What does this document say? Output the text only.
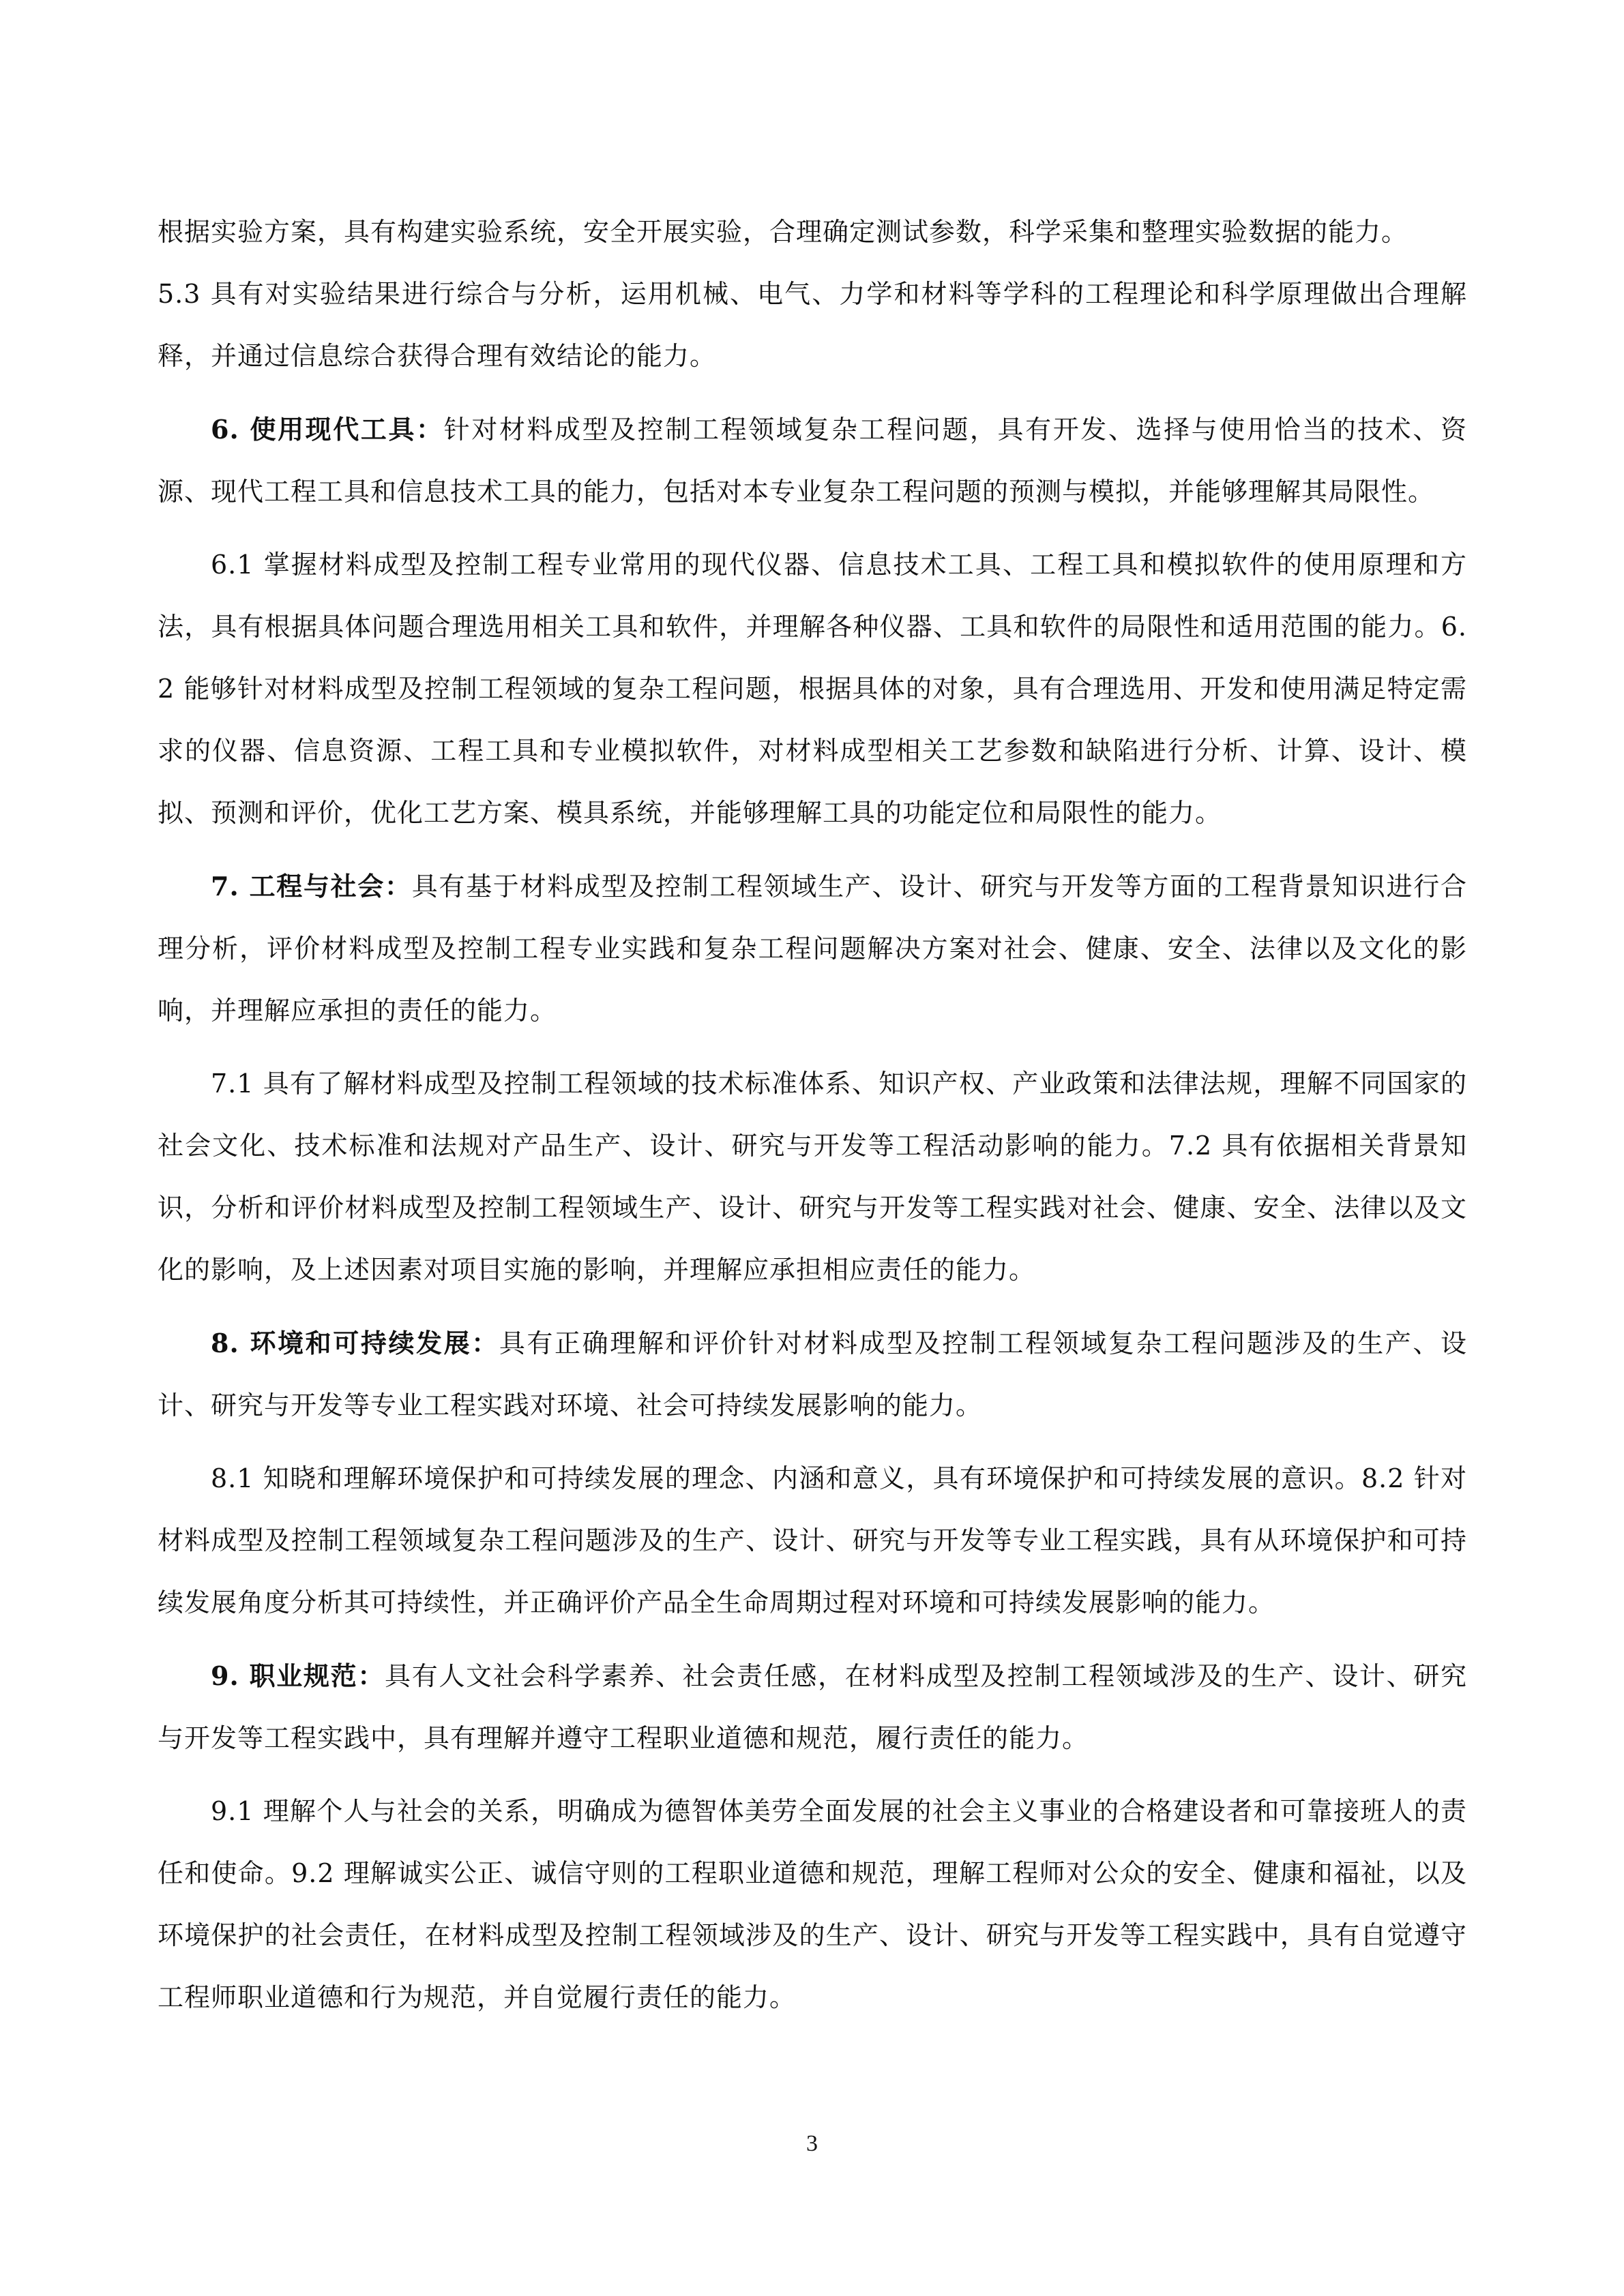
根据实验方案，具有构建实验系统，安全开展实验，合理确定测试参数，科学采集和整理实验数据的能力。

5.3 具有对实验结果进行综合与分析，运用机械、电气、力学和材料等学科的工程理论和科学原理做出合理解释，并通过信息综合获得合理有效结论的能力。

6. 使用现代工具：针对材料成型及控制工程领域复杂工程问题，具有开发、选择与使用恰当的技术、资源、现代工程工具和信息技术工具的能力，包括对本专业复杂工程问题的预测与模拟，并能够理解其局限性。

6.1 掌握材料成型及控制工程专业常用的现代仪器、信息技术工具、工程工具和模拟软件的使用原理和方法，具有根据具体问题合理选用相关工具和软件，并理解各种仪器、工具和软件的局限性和适用范围的能力。6.2 能够针对材料成型及控制工程领域的复杂工程问题，根据具体的对象，具有合理选用、开发和使用满足特定需求的仪器、信息资源、工程工具和专业模拟软件，对材料成型相关工艺参数和缺陷进行分析、计算、设计、模拟、预测和评价，优化工艺方案、模具系统，并能够理解工具的功能定位和局限性的能力。

7. 工程与社会：具有基于材料成型及控制工程领域生产、设计、研究与开发等方面的工程背景知识进行合理分析，评价材料成型及控制工程专业实践和复杂工程问题解决方案对社会、健康、安全、法律以及文化的影响，并理解应承担的责任的能力。

7.1 具有了解材料成型及控制工程领域的技术标准体系、知识产权、产业政策和法律法规，理解不同国家的社会文化、技术标准和法规对产品生产、设计、研究与开发等工程活动影响的能力。7.2 具有依据相关背景知识，分析和评价材料成型及控制工程领域生产、设计、研究与开发等工程实践对社会、健康、安全、法律以及文化的影响，及上述因素对项目实施的影响，并理解应承担相应责任的能力。

8. 环境和可持续发展：具有正确理解和评价针对材料成型及控制工程领域复杂工程问题涉及的生产、设计、研究与开发等专业工程实践对环境、社会可持续发展影响的能力。

8.1 知晓和理解环境保护和可持续发展的理念、内涵和意义，具有环境保护和可持续发展的意识。8.2 针对材料成型及控制工程领域复杂工程问题涉及的生产、设计、研究与开发等专业工程实践，具有从环境保护和可持续发展角度分析其可持续性，并正确评价产品全生命周期过程对环境和可持续发展影响的能力。

9. 职业规范：具有人文社会科学素养、社会责任感，在材料成型及控制工程领域涉及的生产、设计、研究与开发等工程实践中，具有理解并遵守工程职业道德和规范，履行责任的能力。

9.1 理解个人与社会的关系，明确成为德智体美劳全面发展的社会主义事业的合格建设者和可靠接班人的责任和使命。9.2 理解诚实公正、诚信守则的工程职业道德和规范，理解工程师对公众的安全、健康和福祉，以及环境保护的社会责任，在材料成型及控制工程领域涉及的生产、设计、研究与开发等工程实践中，具有自觉遵守工程师职业道德和行为规范，并自觉履行责任的能力。

3
